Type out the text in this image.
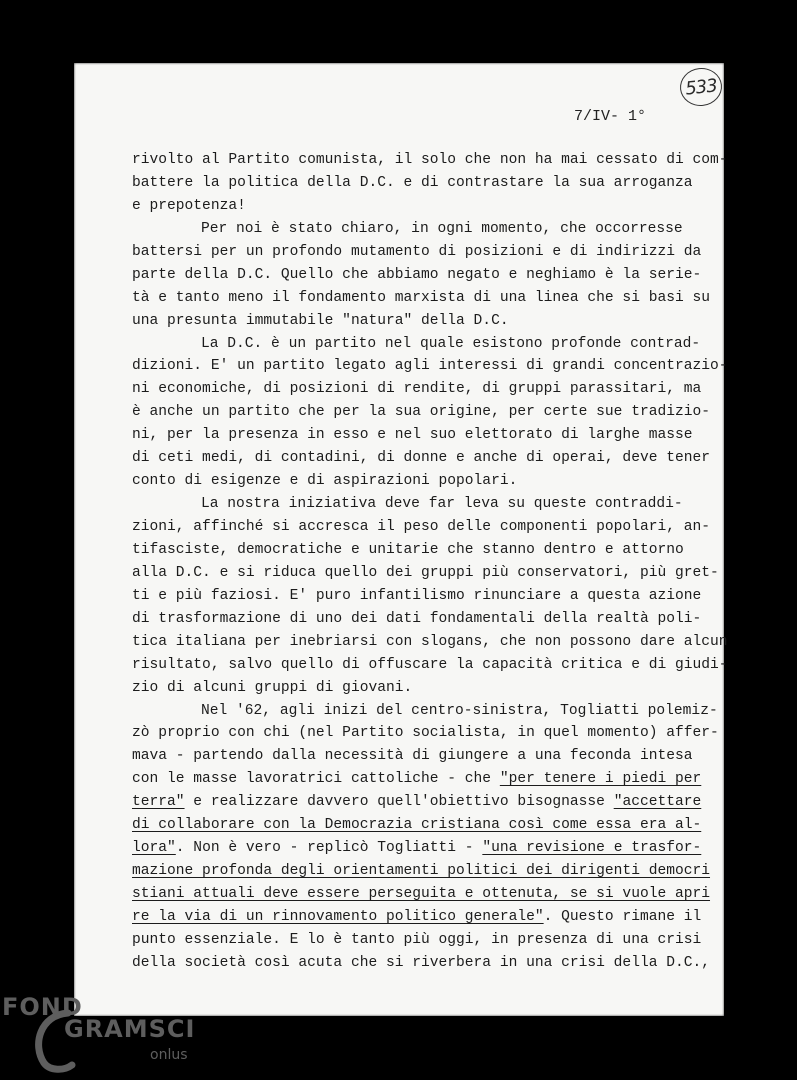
533
7/IV- 1°
rivolto al Partito comunista, il solo che non ha mai cessato di com-
battere la politica della D.C. e di contrastare la sua arroganza
e prepotenza!
Per noi è stato chiaro, in ogni momento, che occorresse
battersi per un profondo mutamento di posizioni e di indirizzi da
parte della D.C. Quello che abbiamo negato e neghiamo è la serie-
tà e tanto meno il fondamento marxista di una linea che si basi su
una presunta immutabile "natura" della D.C.
La D.C. è un partito nel quale esistono profonde contrad-
dizioni. E' un partito legato agli interessi di grandi concentrazio-
ni economiche, di posizioni di rendite, di gruppi parassitari, ma
è anche un partito che per la sua origine, per certe sue tradizio-
ni, per la presenza in esso e nel suo elettorato di larghe masse
di ceti medi, di contadini, di donne e anche di operai, deve tener
conto di esigenze e di aspirazioni popolari.
La nostra iniziativa deve far leva su queste contraddi-
zioni, affinché si accresca il peso delle componenti popolari, an-
tifasciste, democratiche e unitarie che stanno dentro e attorno
alla D.C. e si riduca quello dei gruppi più conservatori, più gret-
ti e più faziosi. E' puro infantilismo rinunciare a questa azione
di trasformazione di uno dei dati fondamentali della realtà poli-
tica italiana per inebriarsi con slogans, che non possono dare alcun
risultato, salvo quello di offuscare la capacità critica e di giudi-
zio di alcuni gruppi di giovani.
Nel '62, agli inizi del centro-sinistra, Togliatti polemiz-
zò proprio con chi (nel Partito socialista, in quel momento) affer-
mava - partendo dalla necessità di giungere a una feconda intesa
con le masse lavoratrici cattoliche - che "per tenere i piedi per
terra" e realizzare davvero quell'obiettivo bisognasse "accettare
di collaborare con la Democrazia cristiana così come essa era al-
lora". Non è vero - replicò Togliatti - "una revisione e trasfor-
mazione profonda degli orientamenti politici dei dirigenti democri
stiani attuali deve essere perseguita e ottenuta, se si vuole apri
re la via di un rinnovamento politico generale". Questo rimane il
punto essenziale. E lo è tanto più oggi, in presenza di una crisi
della società così acuta che si riverbera in una crisi della D.C.,
FOND
GRAMSCI
onlus
